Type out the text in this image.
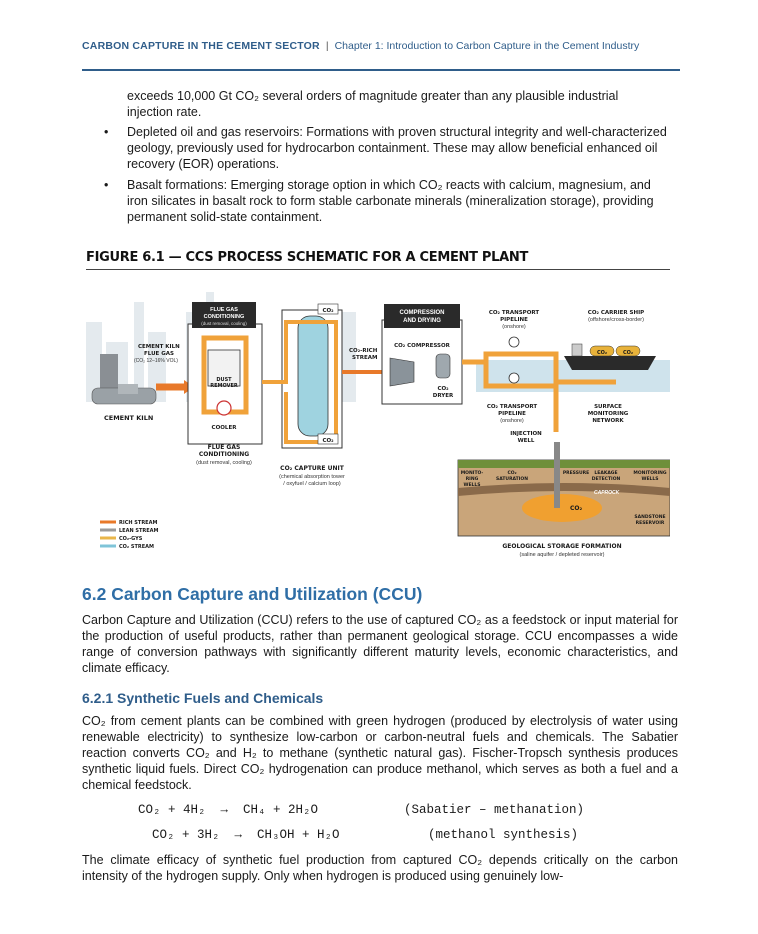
CARBON CAPTURE IN THE CEMENT SECTOR | Chapter 1: Introduction to Carbon Capture in the Cement Industry

exceeds 10,000 Gt CO₂ several orders of magnitude greater than any plausible industrial injection rate.

• Depleted oil and gas reservoirs: Formations with proven structural integrity and well-characterized geology, previously used for hydrocarbon containment. These may allow beneficial enhanced oil recovery (EOR) operations.
• Basalt formations: Emerging storage option in which CO₂ reacts with calcium, magnesium, and iron silicates in basalt rock to form stable carbonate minerals (mineralization storage), providing permanent solid-state containment.
FIGURE 6.1 — CCS PROCESS SCHEMATIC FOR A CEMENT PLANT
CEMENT KILN
CEMENT KILN
FLUE GAS
(CO₂ 12–16% VOL)
FLUE GAS
CONDITIONING
(dust removal, cooling)
DUST
REMOVER
COOLER
FLUE GAS
CONDITIONING
(dust removal, cooling)
CO₂
CO₂
CO₂ CAPTURE UNIT
(chemical absorption tower
/ oxyfuel / calcium loop)
CO₂-RICH
STREAM
COMPRESSION
AND DRYING
CO₂ COMPRESSOR
CO₂
DRYER
CO₂ TRANSPORT
PIPELINE
(onshore)
CO₂ CARRIER SHIP
(offshore/cross-border)
CO₂	CO₂
CO₂ TRANSPORT
PIPELINE
(onshore)
INJECTION
WELL
SURFACE
MONITORING
NETWORK
MONITO-
RING
WELLS
CO₂
SATURATION
PRESSURE LEAKAGE
DETECTION
MONITORING
WELLS
CAPROCK
CO₂
SANDSTONE
RESERVOIR
GEOLOGICAL STORAGE FORMATION
(saline aquifer / depleted reservoir)
RICH STREAM
LEAN STREAM
CO₂-GYS
CO₂ STREAM
6.2 Carbon Capture and Utilization (CCU)

Carbon Capture and Utilization (CCU) refers to the use of captured CO₂ as a feedstock or input material for the production of useful products, rather than permanent geological storage. CCU encompasses a wide range of conversion pathways with significantly different maturity levels, economic characteristics, and climate efficacy.

6.2.1 Synthetic Fuels and Chemicals

CO₂ from cement plants can be combined with green hydrogen (produced by electrolysis of water using renewable electricity) to synthesize low-carbon or carbon-neutral fuels and chemicals. The Sabatier reaction converts CO₂ and H₂ to methane (synthetic natural gas). Fischer-Tropsch synthesis produces synthetic liquid fuels. Direct CO₂ hydrogenation can produce methanol, which serves as both a fuel and a chemical feedstock.

CO₂ + 4H₂  →  CH₄ + 2H₂O	(Sabatier – methanation)
CO₂ + 3H₂  →  CH₃OH + H₂O	(methanol synthesis)

The climate efficacy of synthetic fuel production from captured CO₂ depends critically on the carbon intensity of the hydrogen supply. Only when hydrogen is produced using genuinely low-
